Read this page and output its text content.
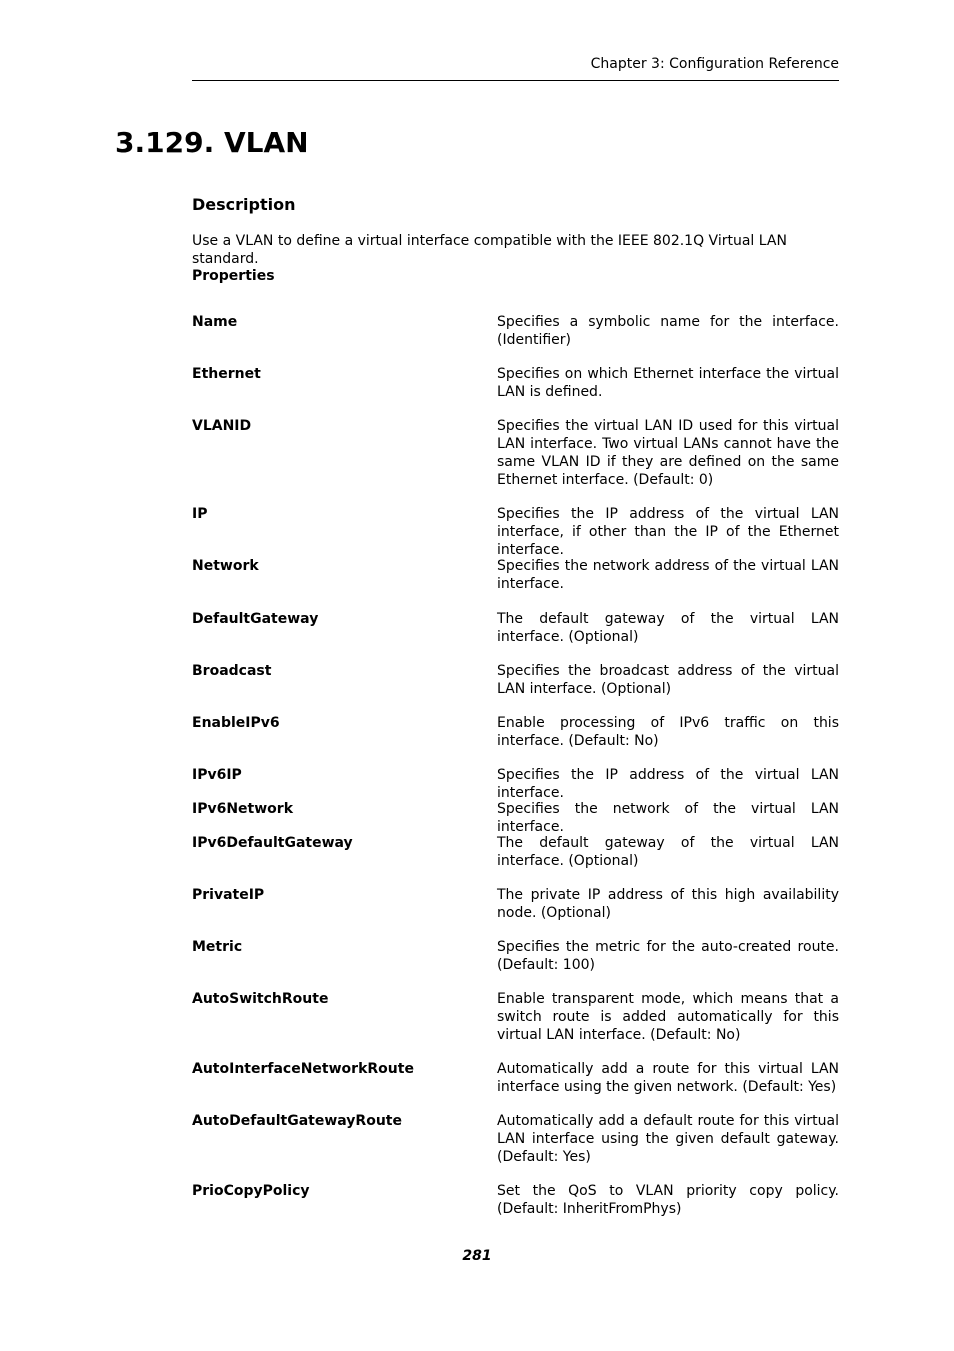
Chapter 3: Configuration Reference
3.129. VLAN
Description

Use a VLAN to define a virtual interface compatible with the IEEE 802.1Q Virtual LAN standard.

Properties
Name	Specifies a symbolic name for the interface. (Identifier)
Ethernet	Specifies on which Ethernet interface the virtual LAN is defined.
VLANID	Specifies the virtual LAN ID used for this virtual LAN interface. Two virtual LANs cannot have the same VLAN ID if they are defined on the same Ethernet interface. (Default: 0)
IP	Specifies the IP address of the virtual LAN interface, if other than the IP of the Ethernet interface.
Network	Specifies the network address of the virtual LAN interface.
DefaultGateway	The default gateway of the virtual LAN interface. (Optional)
Broadcast	Specifies the broadcast address of the virtual LAN interface. (Optional)
EnableIPv6	Enable processing of IPv6 traffic on this interface. (Default: No)
IPv6IP	Specifies the IP address of the virtual LAN interface.
IPv6Network	Specifies the network of the virtual LAN interface.
IPv6DefaultGateway	The default gateway of the virtual LAN interface. (Optional)
PrivateIP	The private IP address of this high availability node. (Optional)
Metric	Specifies the metric for the auto-created route. (Default: 100)
AutoSwitchRoute	Enable transparent mode, which means that a switch route is added automatically for this virtual LAN interface. (Default: No)
AutoInterfaceNetworkRoute	Automatically add a route for this virtual LAN interface using the given network. (Default: Yes)
AutoDefaultGatewayRoute	Automatically add a default route for this virtual LAN interface using the given default gateway. (Default: Yes)
PrioCopyPolicy	Set the QoS to VLAN priority copy policy. (Default: InheritFromPhys)
281
